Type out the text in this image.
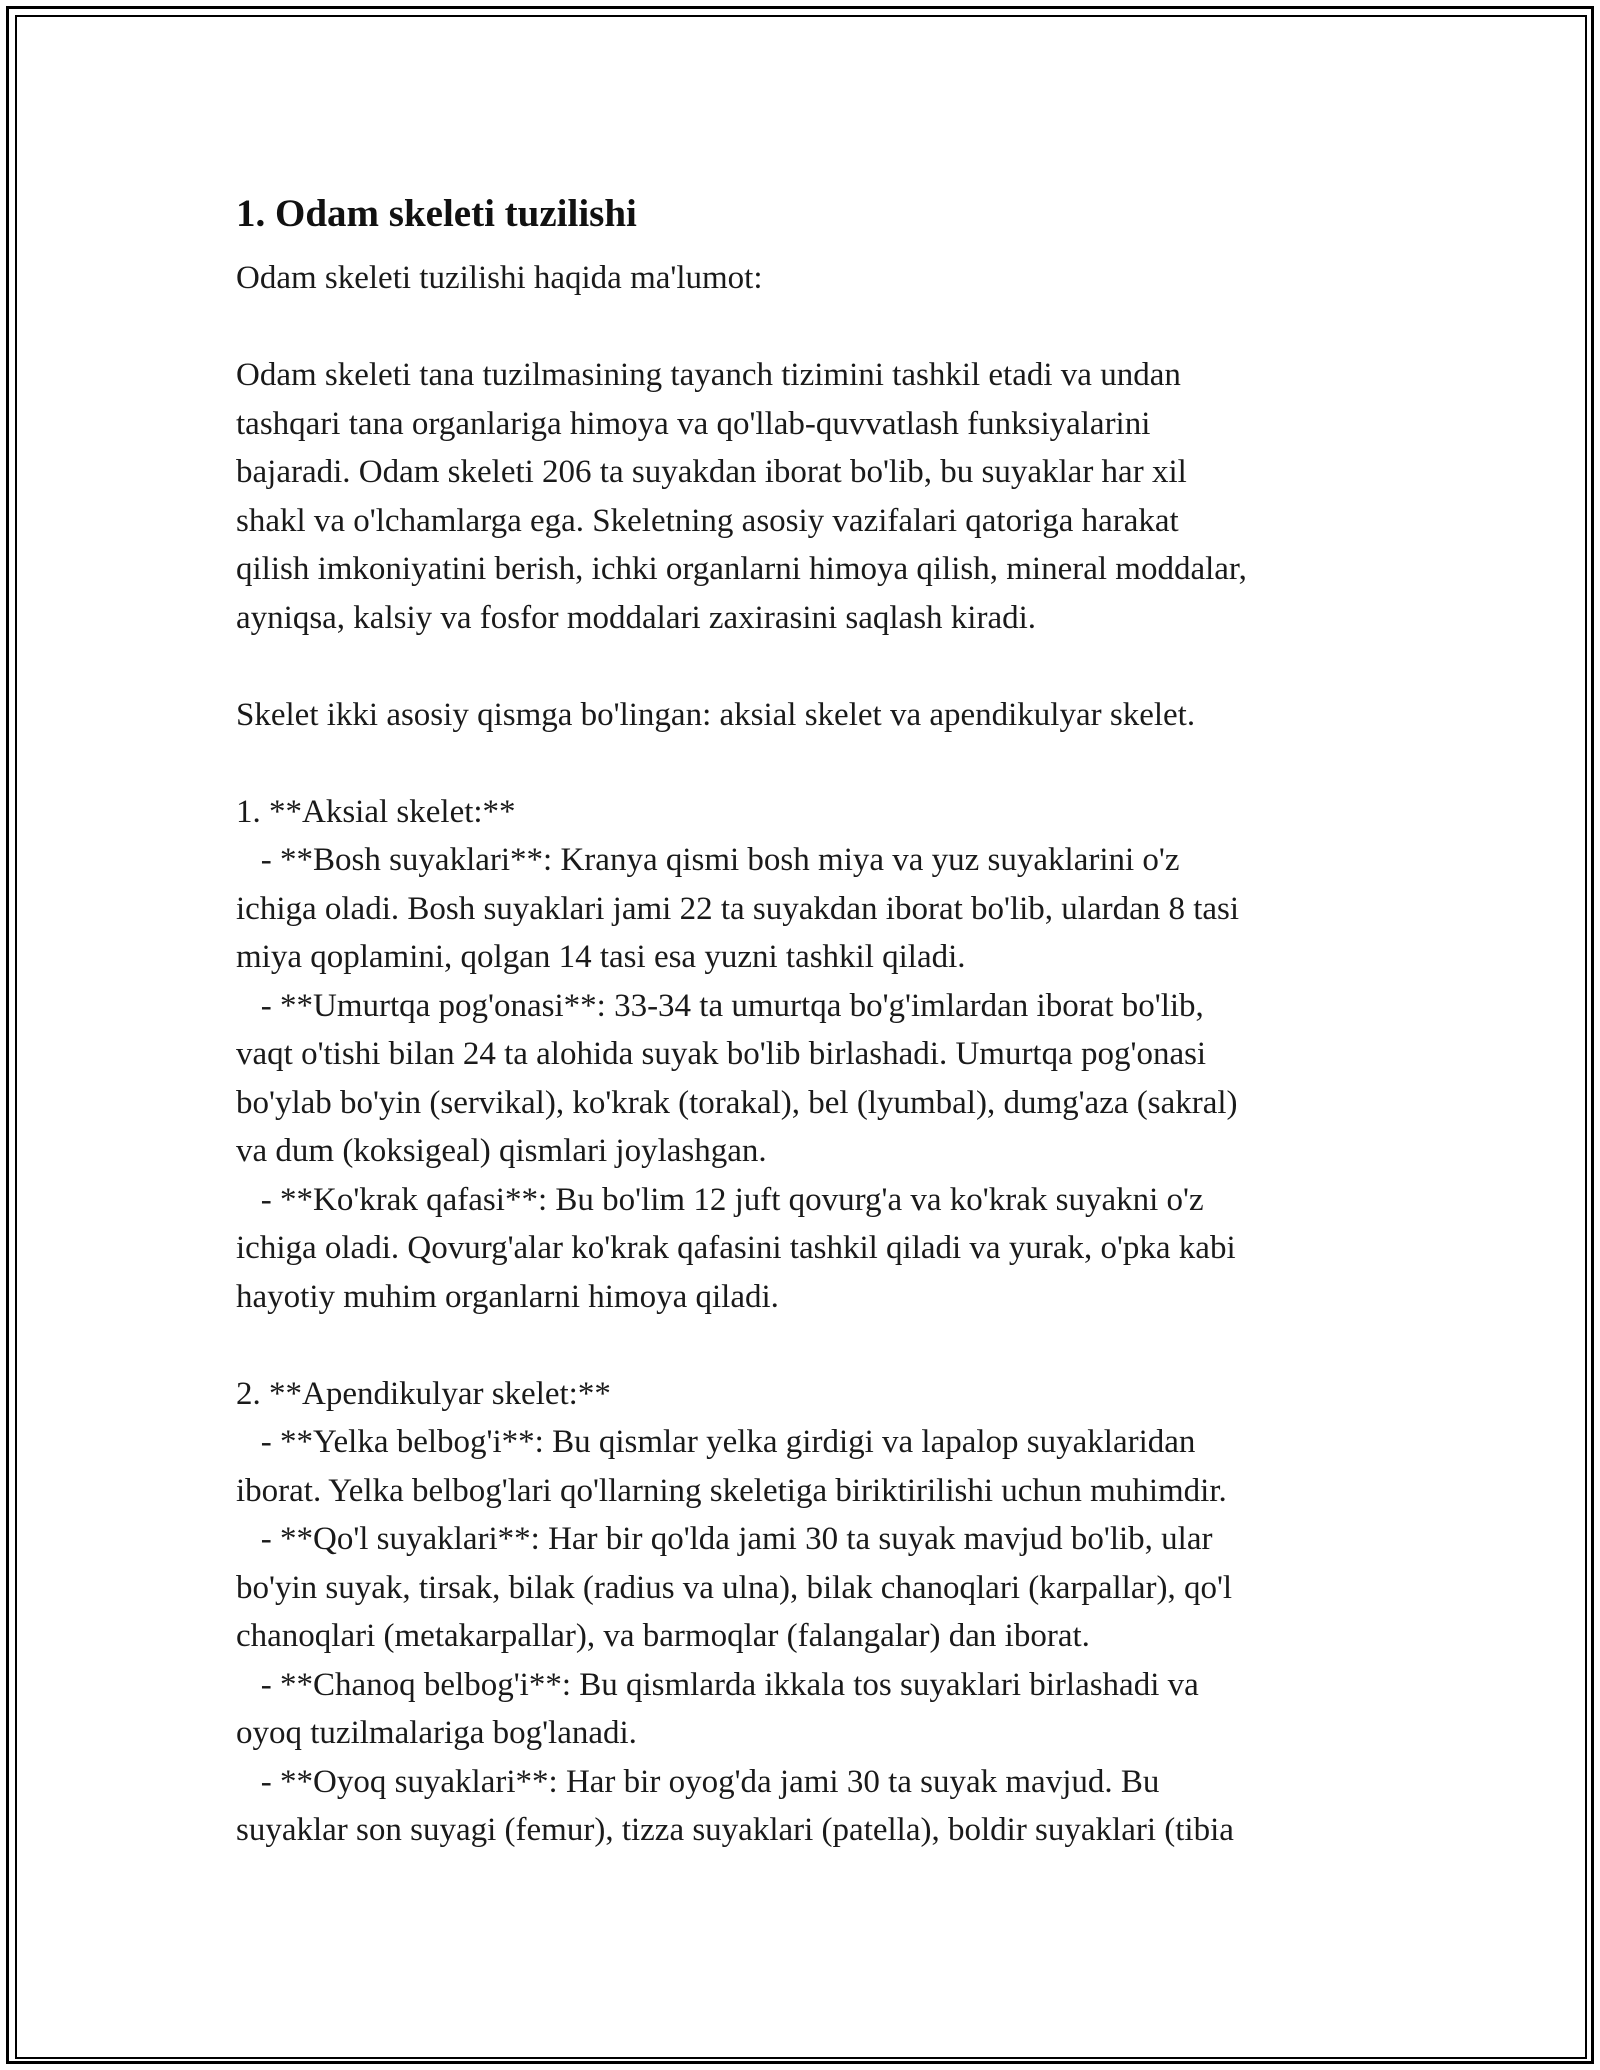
1. Odam skeleti tuzilishi
Odam skeleti tuzilishi haqida ma'lumot:
Odam skeleti tana tuzilmasining tayanch tizimini tashkil etadi va undan
tashqari tana organlariga himoya va qo'llab-quvvatlash funksiyalarini
bajaradi. Odam skeleti 206 ta suyakdan iborat bo'lib, bu suyaklar har xil
shakl va o'lchamlarga ega. Skeletning asosiy vazifalari qatoriga harakat
qilish imkoniyatini berish, ichki organlarni himoya qilish, mineral moddalar,
ayniqsa, kalsiy va fosfor moddalari zaxirasini saqlash kiradi.
Skelet ikki asosiy qismga bo'lingan: aksial skelet va apendikulyar skelet.
1. **Aksial skelet:**
- **Bosh suyaklari**: Kranya qismi bosh miya va yuz suyaklarini o'z
ichiga oladi. Bosh suyaklari jami 22 ta suyakdan iborat bo'lib, ulardan 8 tasi
miya qoplamini, qolgan 14 tasi esa yuzni tashkil qiladi.
- **Umurtqa pog'onasi**: 33-34 ta umurtqa bo'g'imlardan iborat bo'lib,
vaqt o'tishi bilan 24 ta alohida suyak bo'lib birlashadi. Umurtqa pog'onasi
bo'ylab bo'yin (servikal), ko'krak (torakal), bel (lyumbal), dumg'aza (sakral)
va dum (koksigeal) qismlari joylashgan.
- **Ko'krak qafasi**: Bu bo'lim 12 juft qovurg'a va ko'krak suyakni o'z
ichiga oladi. Qovurg'alar ko'krak qafasini tashkil qiladi va yurak, o'pka kabi
hayotiy muhim organlarni himoya qiladi.
2. **Apendikulyar skelet:**
- **Yelka belbog'i**: Bu qismlar yelka girdigi va lapalop suyaklaridan
iborat. Yelka belbog'lari qo'llarning skeletiga biriktirilishi uchun muhimdir.
- **Qo'l suyaklari**: Har bir qo'lda jami 30 ta suyak mavjud bo'lib, ular
bo'yin suyak, tirsak, bilak (radius va ulna), bilak chanoqlari (karpallar), qo'l
chanoqlari (metakarpallar), va barmoqlar (falangalar) dan iborat.
- **Chanoq belbog'i**: Bu qismlarda ikkala tos suyaklari birlashadi va
oyoq tuzilmalariga bog'lanadi.
- **Oyoq suyaklari**: Har bir oyog'da jami 30 ta suyak mavjud. Bu
suyaklar son suyagi (femur), tizza suyaklari (patella), boldir suyaklari (tibia
